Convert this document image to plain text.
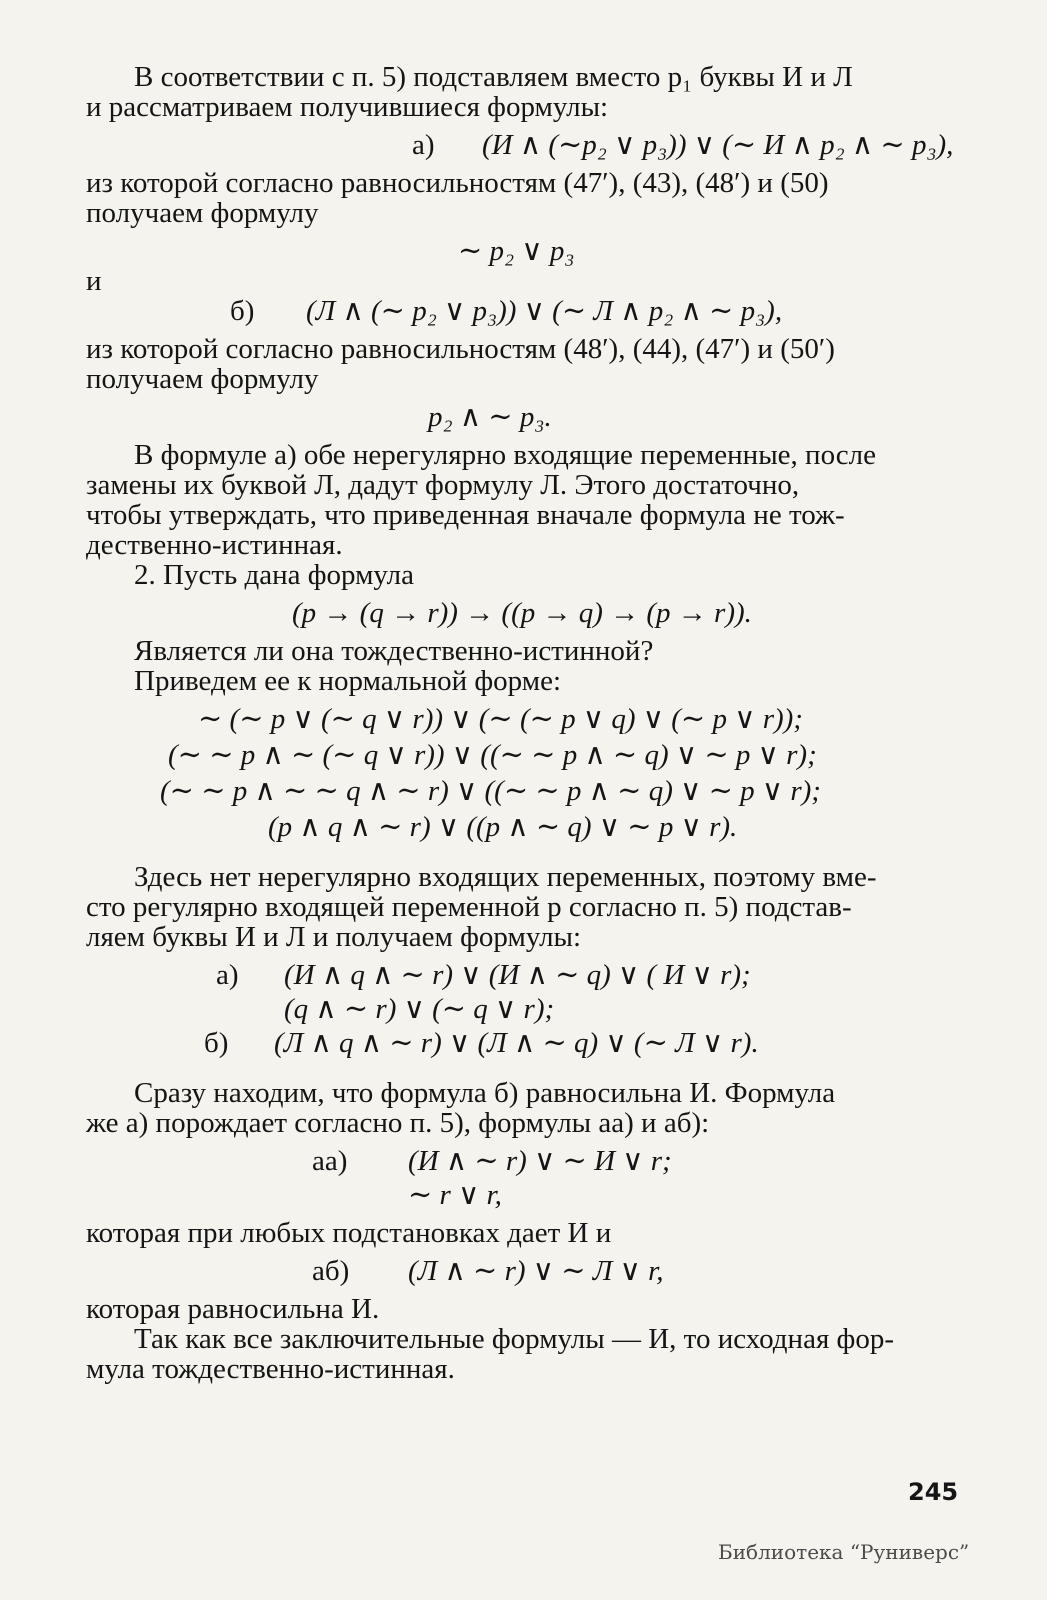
В соответствии с п. 5) подставляем вместо p₁ буквы И и Л
и рассматриваем получившиеся формулы:
а) (И ∧ (∼p₂ ∨ p₃)) ∨ (∼ И ∧ p₂ ∧ ∼ p₃),
из которой согласно равносильностям (47′), (43), (48′) и (50)
получаем формулу
∼ p₂ ∨ p₃
и
б) (Л ∧ (∼ p₂ ∨ p₃)) ∨ (∼ Л ∧ p₂ ∧ ∼ p₃),
из которой согласно равносильностям (48′), (44), (47′) и (50′)
получаем формулу
p₂ ∧ ∼ p₃.
В формуле а) обе нерегулярно входящие переменные, после
замены их буквой Л, дадут формулу Л. Этого достаточно,
чтобы утверждать, что приведенная вначале формула не тож-
дественно-истинная.
2. Пусть дана формула
(p → (q → r)) → ((p → q) → (p → r)).
Является ли она тождественно-истинной?
Приведем ее к нормальной форме:
∼ (∼ p ∨ (∼ q ∨ r)) ∨ (∼ (∼ p ∨ q) ∨ (∼ p ∨ r));
(∼ ∼ p ∧ ∼ (∼ q ∨ r)) ∨ ((∼ ∼ p ∧ ∼ q) ∨ ∼ p ∨ r);
(∼ ∼ p ∧ ∼ ∼ q ∧ ∼ r) ∨ ((∼ ∼ p ∧ ∼ q) ∨ ∼ p ∨ r);
(p ∧ q ∧ ∼ r) ∨ ((p ∧ ∼ q) ∨ ∼ p ∨ r).
Здесь нет нерегулярно входящих переменных, поэтому вме-
сто регулярно входящей переменной p согласно п. 5) подстав-
ляем буквы И и Л и получаем формулы:
а) (И ∧ q ∧ ∼ r) ∨ (И ∧ ∼ q) ∨ ( И ∨ r);
(q ∧ ∼ r) ∨ (∼ q ∨ r);
б) (Л ∧ q ∧ ∼ r) ∨ (Л ∧ ∼ q) ∨ (∼ Л ∨ r).
Сразу находим, что формула б) равносильна И. Формула
же а) порождает согласно п. 5), формулы аа) и аб):
аа) (И ∧ ∼ r) ∨ ∼ И ∨ r;
∼ r ∨ r,
которая при любых подстановках дает И и
аб) (Л ∧ ∼ r) ∨ ∼ Л ∨ r,
которая равносильна И.
Так как все заключительные формулы — И, то исходная фор-
мула тождественно-истинная.
245
Библиотека “Руниверс”
